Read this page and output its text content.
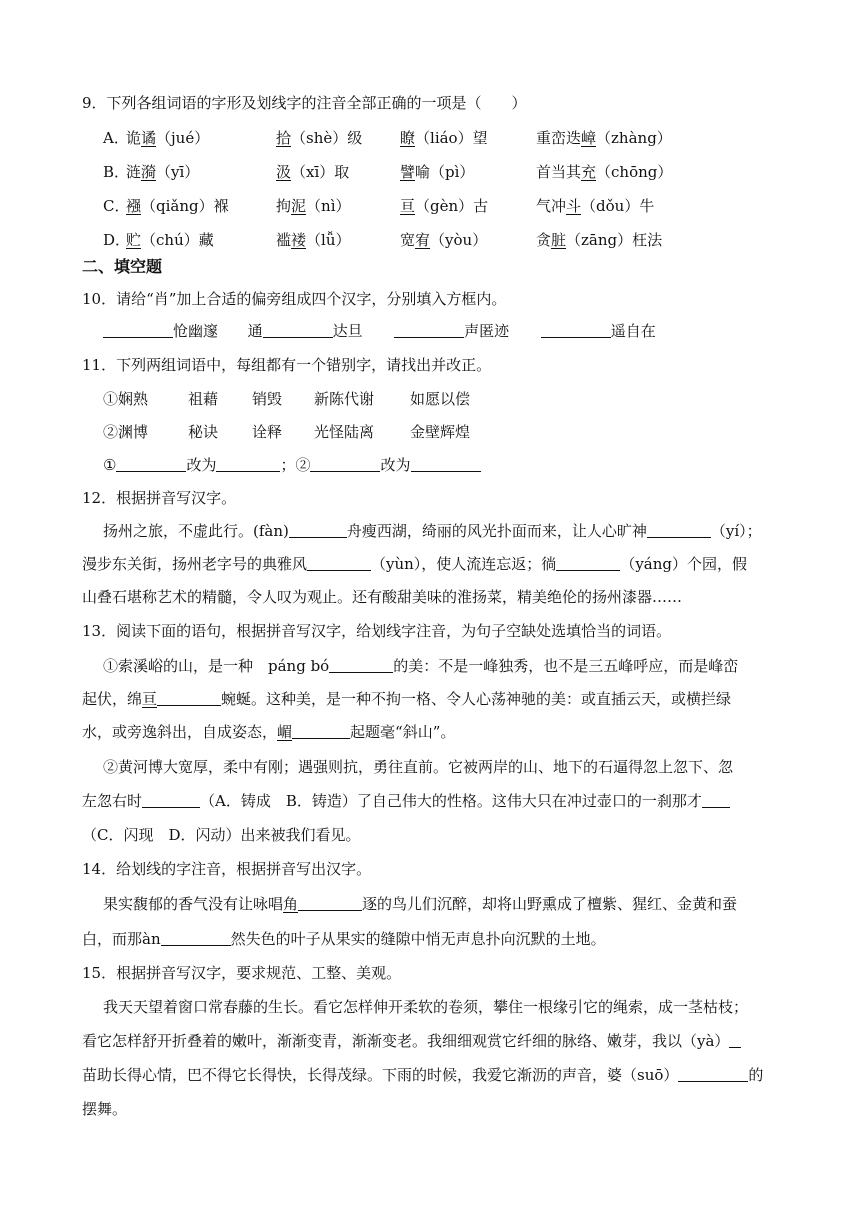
9．下列各组词语的字形及划线字的注音全部正确的一项是（　　）
A．
诡谲（jué）	拾（shè）级	瞭（liáo）望	重峦迭嶂（zhàng）
B．
涟漪（yī）	汲（xī）取	譬喻（pì）	首当其充（chōng）
C．
襁（qiǎng）褓	拘泥（nì）	亘（gèn）古	气冲斗（dǒu）牛
D．
贮（chú）藏	褴褛（lǚ）	宽宥（yòu）	贪脏（zāng）枉法
二、填空题
10．请给“肖”加上合适的偏旁组成四个汉字，分别填入方框内。
怆幽邃 通	达旦	声匿迹	遥自在
11．下列两组词语中，每组都有一个错别字，请找出并改正。
①娴熟	祖藉 销毁 新陈代谢 如愿以偿
②渊博	秘诀 诠释 光怪陆离 金壁辉煌
①	改为	；②	改为
12．根据拼音写汉字。
扬州之旅，不虚此行。(fàn)	舟瘦西湖，绮丽的风光扑面而来，让人心旷神	（yí）；
漫步东关街，扬州老字号的典雅风	（yùn），使人流连忘返；徜	（yáng）个园，假
山叠石堪称艺术的精髓，令人叹为观止。还有酸甜美味的淮扬菜，精美绝伦的扬州漆器……
13．阅读下面的语句，根据拼音写汉字，给划线字注音，为句子空缺处选填恰当的词语。
①索溪峪的山，是一种　páng bó	的美：不是一峰独秀，也不是三五峰呼应，而是峰峦
起伏，绵亘	蜿蜒。这种美，是一种不拘一格、令人心荡神驰的美：或直插云天，或横拦绿
水，或旁逸斜出，自成姿态，嵋	起题毫“斜山”。
②黄河博大宽厚，柔中有刚；遇强则抗，勇往直前。它被两岸的山、地下的石逼得忽上忽下、忽
左忽右时	（A．铸成　B．铸造）了自己伟大的性格。这伟大只在冲过壶口的一刹那才
（C．闪现　D．闪动）出来被我们看见。
14．给划线的字注音，根据拼音写出汉字。
果实馥郁的香气没有让咏唱角	逐的鸟儿们沉醉，却将山野熏成了檀紫、猩红、金黄和蚕
白，而那àn	然失色的叶子从果实的缝隙中悄无声息扑向沉默的土地。
15．根据拼音写汉字，要求规范、工整、美观。
我天天望着窗口常春藤的生长。看它怎样伸开柔软的卷须，攀住一根缘引它的绳索，成一茎枯枝；
看它怎样舒开折叠着的嫩叶，渐渐变青，渐渐变老。我细细观赏它纤细的脉络、嫩芽，我以（yà）
苗助长得心情，巴不得它长得快，长得茂绿。下雨的时候，我爱它渐沥的声音，婆（suō）	的
摆舞。
